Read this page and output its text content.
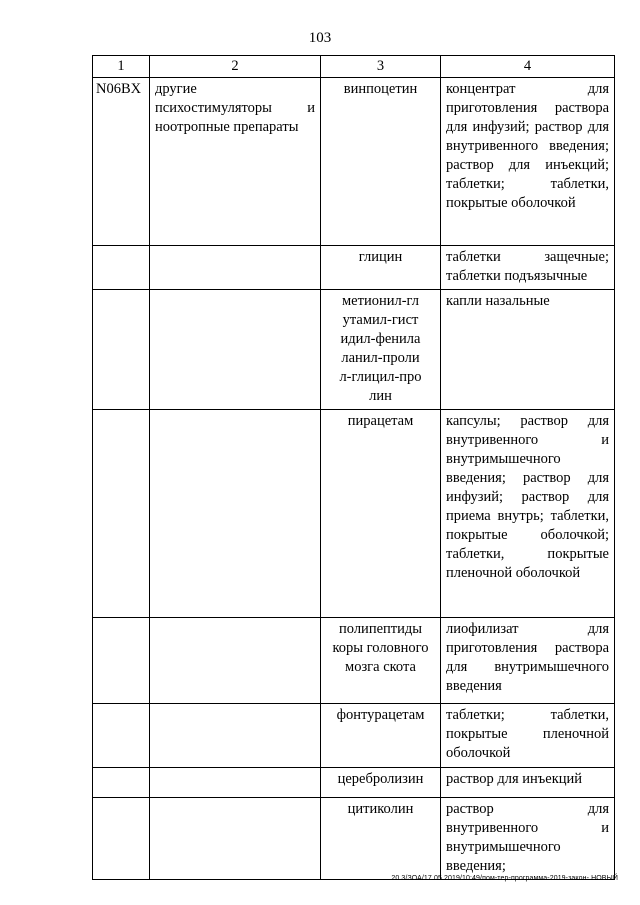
103
1	2	3	4
N06BX	другие психостимуляторы и ноотропные препараты	винпоцетин	концентрат для приготовления раствора для инфузий; раствор для внутривенного введения; раствор для инъекций; таблетки; таблетки, покрытые оболочкой
		глицин	таблетки защечные; таблетки подъязычные
		метионил-глутамил-гистидил-фенилаланил-пролил-глицил-пролин	капли назальные
		пирацетам	капсулы; раствор для внутривенного и внутримышечного введения; раствор для инфузий; раствор для приема внутрь; таблетки, покрытые оболочкой; таблетки, покрытые пленочной оболочкой
		полипептиды коры головного мозга скота	лиофилизат для приготовления раствора для внутримышечного введения
		фонтурацетам	таблетки; таблетки, покрытые пленочной оболочкой
		церебролизин	раствор для инъекций
		цитиколин	раствор для внутривенного и внутримышечного введения;
20.3/ЗОА/17.05.2019/10:49/пом-тер-программа-2019-закон- НОВЫЙ
